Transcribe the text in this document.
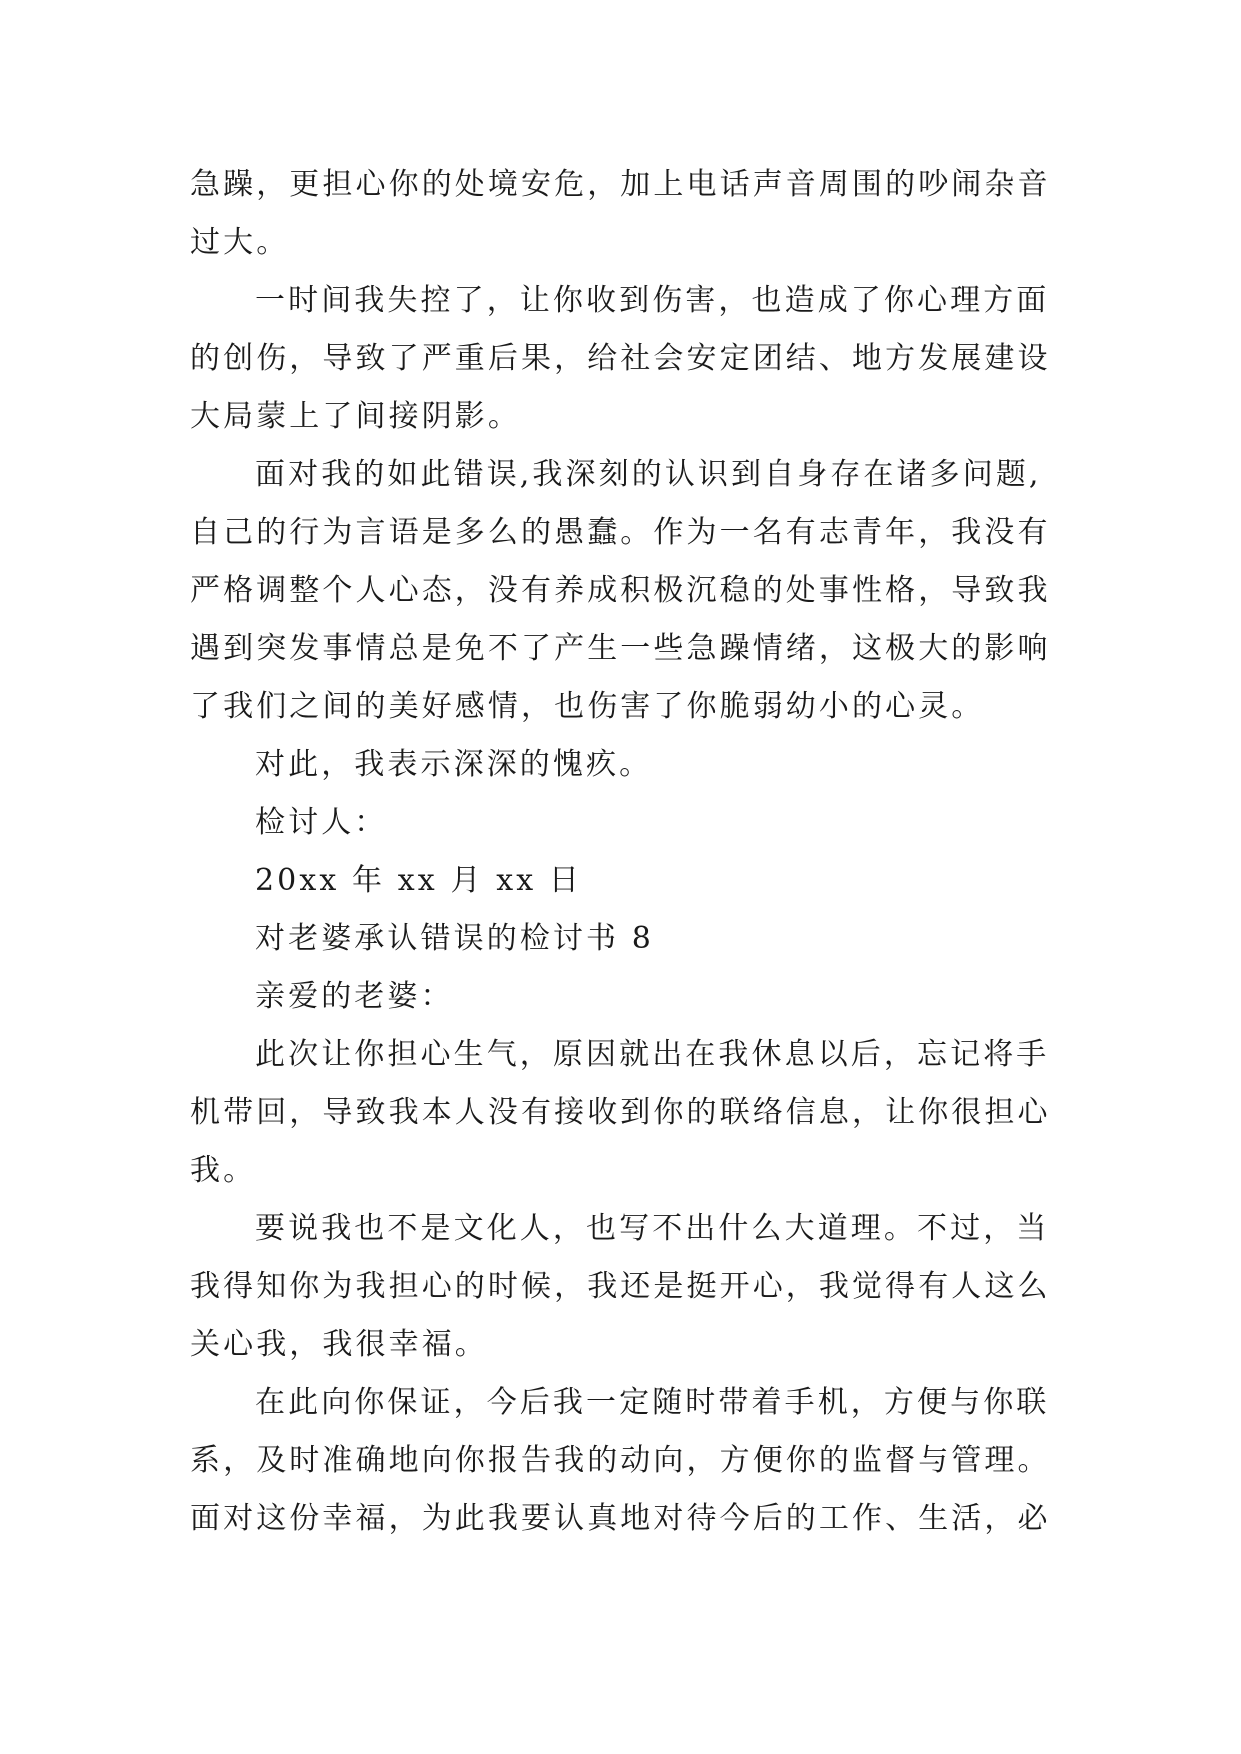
急躁，更担心你的处境安危，加上电话声音周围的吵闹杂音
过大。
一时间我失控了，让你收到伤害，也造成了你心理方面
的创伤，导致了严重后果，给社会安定团结、地方发展建设
大局蒙上了间接阴影。
面对我的如此错误,我深刻的认识到自身存在诸多问题,
自己的行为言语是多么的愚蠢。作为一名有志青年，我没有
严格调整个人心态，没有养成积极沉稳的处事性格，导致我
遇到突发事情总是免不了产生一些急躁情绪，这极大的影响
了我们之间的美好感情，也伤害了你脆弱幼小的心灵。
对此，我表示深深的愧疚。
检讨人：
20xx 年 xx 月 xx 日
对老婆承认错误的检讨书 8
亲爱的老婆：
此次让你担心生气，原因就出在我休息以后，忘记将手
机带回，导致我本人没有接收到你的联络信息，让你很担心
我。
要说我也不是文化人，也写不出什么大道理。不过，当
我得知你为我担心的时候，我还是挺开心，我觉得有人这么
关心我，我很幸福。
在此向你保证，今后我一定随时带着手机，方便与你联
系，及时准确地向你报告我的动向，方便你的监督与管理。
面对这份幸福，为此我要认真地对待今后的工作、生活，必
